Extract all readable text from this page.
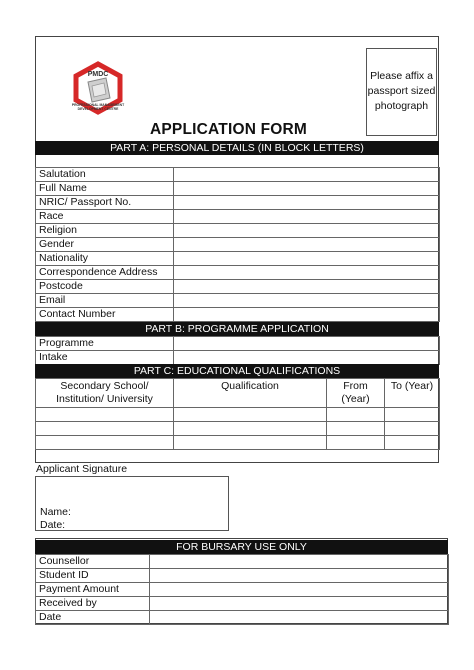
PMDC
PROFESSIONAL MANAGEMENT DEVELOPMENT CENTRE
Please affix a passport sized photograph
APPLICATION FORM
PART A: PERSONAL DETAILS (IN BLOCK LETTERS)
Salutation	
Full Name	
NRIC/ Passport No.	
Race	
Religion	
Gender	
Nationality	
Correspondence Address	
Postcode	
Email	
Contact Number	
PART B: PROGRAMME APPLICATION
Programme	
Intake	
PART C: EDUCATIONAL QUALIFICATIONS
Secondary School/
Institution/ University	Qualification	From (Year)	To (Year)

Applicant Signature
Name:
Date:
FOR BURSARY USE ONLY
Counsellor	
Student ID	
Payment Amount	
Received by	
Date	
